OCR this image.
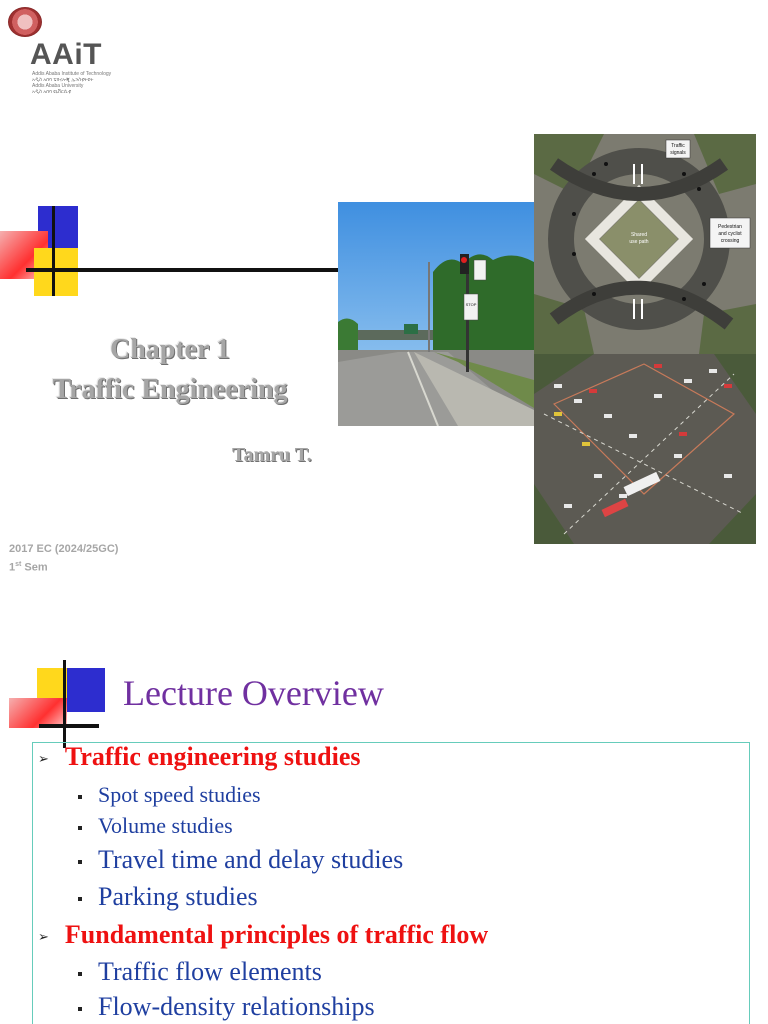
AAiT
Addis Ababa Institute of Technology
አዲስ አበባ ቴክኖሎጂ ኢንስቲትዩት
Addis Ababa University
አዲስ አበባ ዩኒቨርሲቲ
Chapter 1
Traffic Engineering
Tamru T.
2017 EC (2024/25GC)
1st Sem
STOP
Traffic
signals
Pedestrian
and cyclist
crossing
Shared
use path
Lecture Overview
➢ Traffic engineering studies
Spot speed studies
Volume studies
Travel time and delay studies
Parking studies
➢ Fundamental principles of traffic flow
Traffic flow elements
Flow-density relationships
